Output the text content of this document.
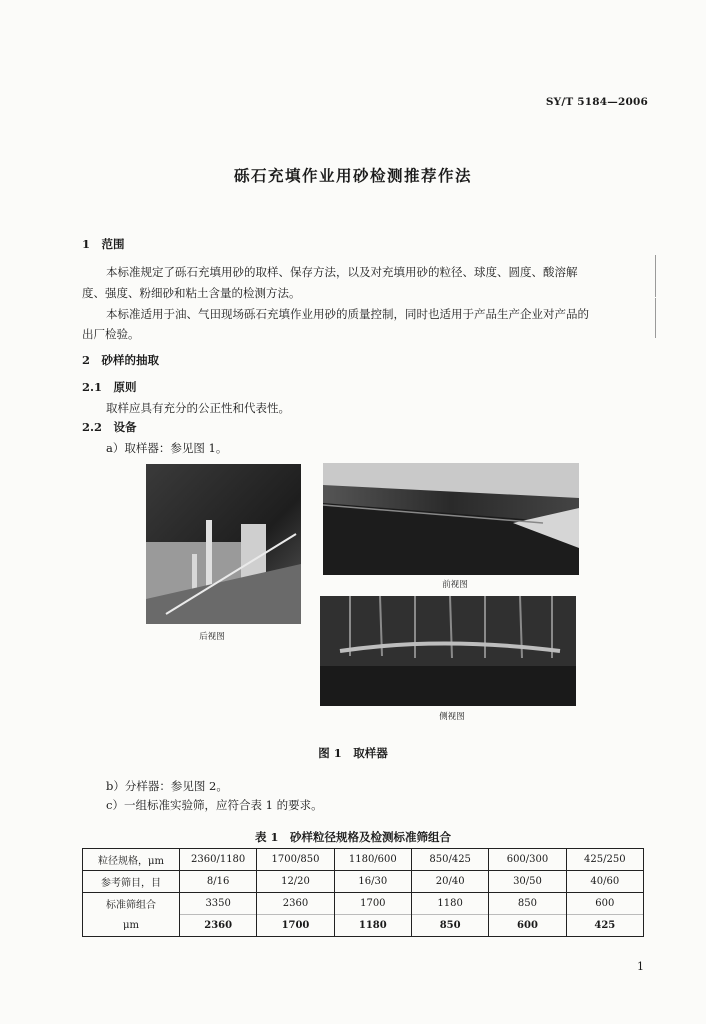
SY/T 5184—2006
砾石充填作业用砂检测推荐作法
1　范围
本标准规定了砾石充填用砂的取样、保存方法，以及对充填用砂的粒径、球度、圆度、酸溶解
度、强度、粉细砂和粘土含量的检测方法。
本标准适用于油、气田现场砾石充填作业用砂的质量控制，同时也适用于产品生产企业对产品的
出厂检验。
2　砂样的抽取
2.1　原则
取样应具有充分的公正性和代表性。
2.2　设备
a）取样器：参见图 1。
后视图
前视图
侧视图
图 1　取样器
b）分样器：参见图 2。
c）一组标准实验筛，应符合表 1 的要求。
表 1　砂样粒径规格及检测标准筛组合
粒径规格，μm	2360/1180	1700/850	1180/600	850/425	600/300	425/250
参考筛目，目	8/16	12/20	16/30	20/40	30/50	40/60
标准筛组合	3350	2360	1700	1180	850	600
μm	2360	1700	1180	850	600	425
1
